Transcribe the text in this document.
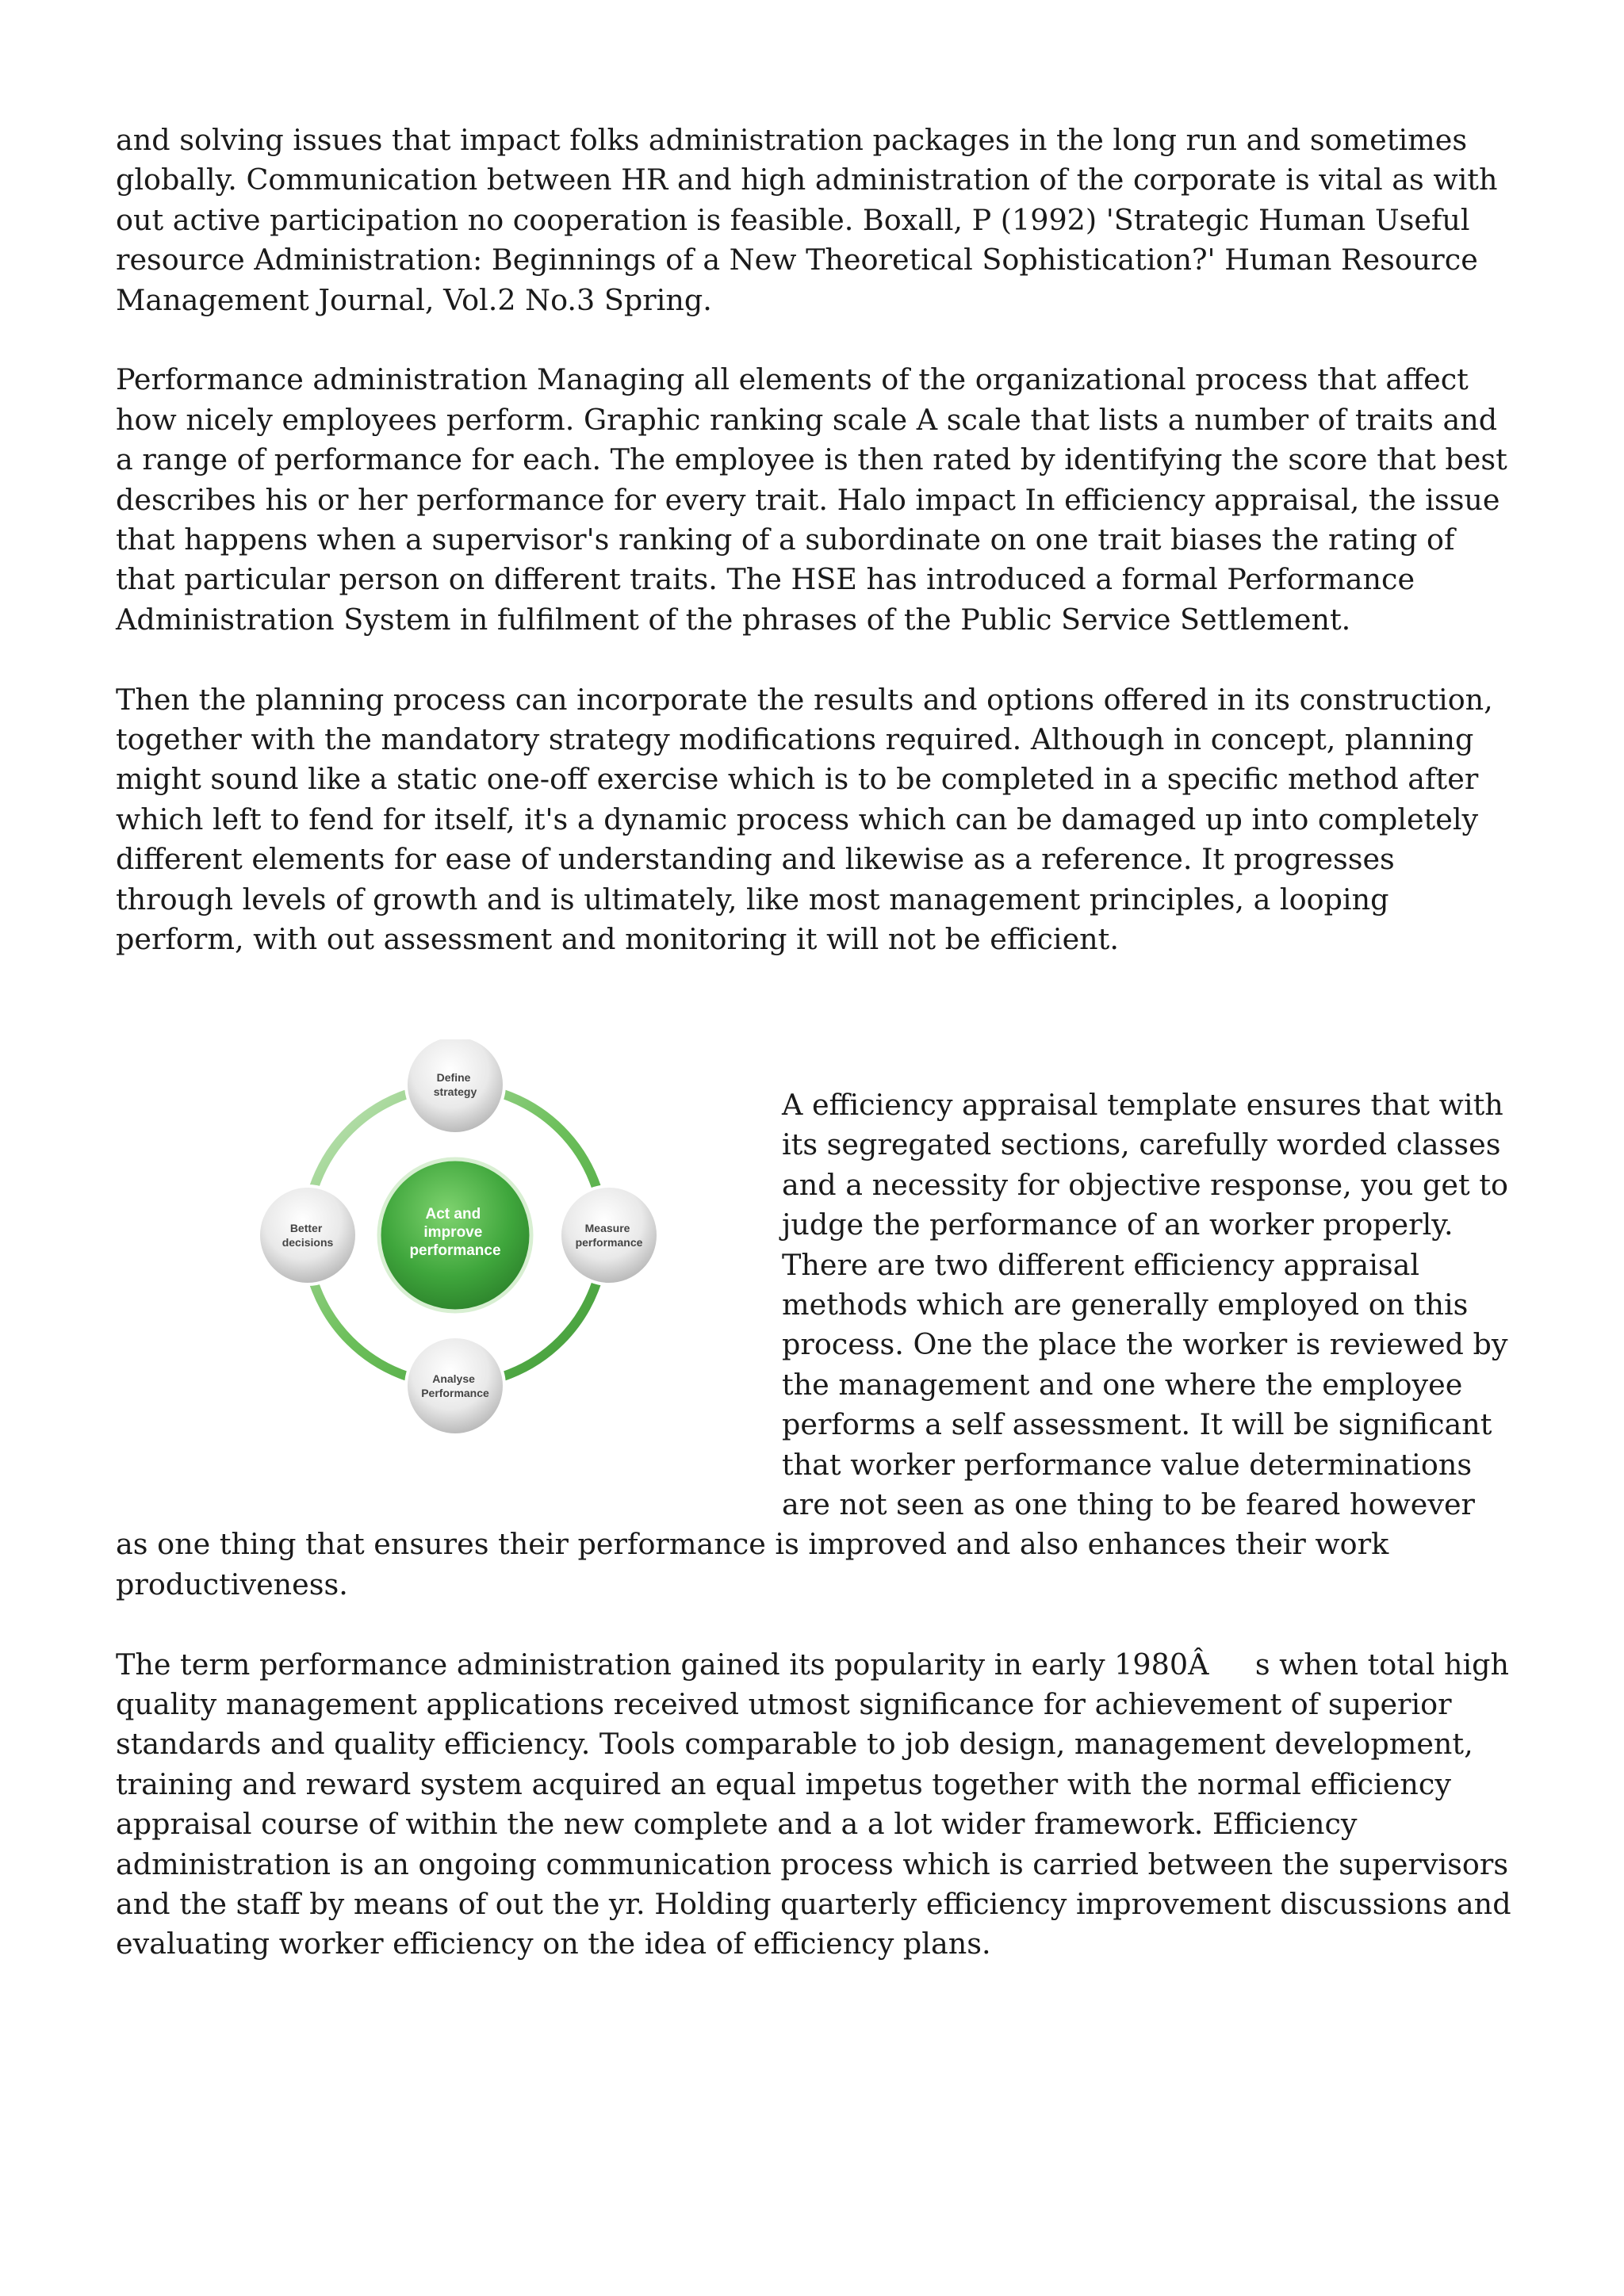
and solving issues that impact folks administration packages in the long run and sometimes globally. Communication between HR and high administration of the corporate is vital as with out active participation no cooperation is feasible. Boxall, P (1992) 'Strategic Human Useful resource Administration: Beginnings of a New Theoretical Sophistication?' Human Resource Management Journal, Vol.2 No.3 Spring.

Performance administration Managing all elements of the organizational process that affect how nicely employees perform. Graphic ranking scale A scale that lists a number of traits and a range of performance for each. The employee is then rated by identifying the score that best describes his or her performance for every trait. Halo impact In efficiency appraisal, the issue that happens when a supervisor's ranking of a subordinate on one trait biases the rating of that particular person on different traits. The HSE has introduced a formal Performance Administration System in fulfilment of the phrases of the Public Service Settlement.

Then the planning process can incorporate the results and options offered in its construction, together with the mandatory strategy modifications required. Although in concept, planning might sound like a static one-off exercise which is to be completed in a specific method after which left to fend for itself, it's a dynamic process which can be damaged up into completely different elements for ease of understanding and likewise as a reference. It progresses through levels of growth and is ultimately, like most management principles, a looping perform, with out assessment and monitoring it will not be efficient.

Act and improve performance
Define strategy
Measure performance
Analyse Performance
Better decisions

A efficiency appraisal template ensures that with its segregated sections, carefully worded classes and a necessity for objective response, you get to judge the performance of an worker properly. There are two different efficiency appraisal methods which are generally employed on this process. One the place the worker is reviewed by the management and one where the employee performs a self assessment. It will be significant that worker performance value determinations are not seen as one thing to be feared however as one thing that ensures their performance is improved and also enhances their work productiveness.

The term performance administration gained its popularity in early 1980Âs when total high quality management applications received utmost significance for achievement of superior standards and quality efficiency. Tools comparable to job design, management development, training and reward system acquired an equal impetus together with the normal efficiency appraisal course of within the new complete and a a lot wider framework. Efficiency administration is an ongoing communication process which is carried between the supervisors and the staff by means of out the yr. Holding quarterly efficiency improvement discussions and evaluating worker efficiency on the idea of efficiency plans.
